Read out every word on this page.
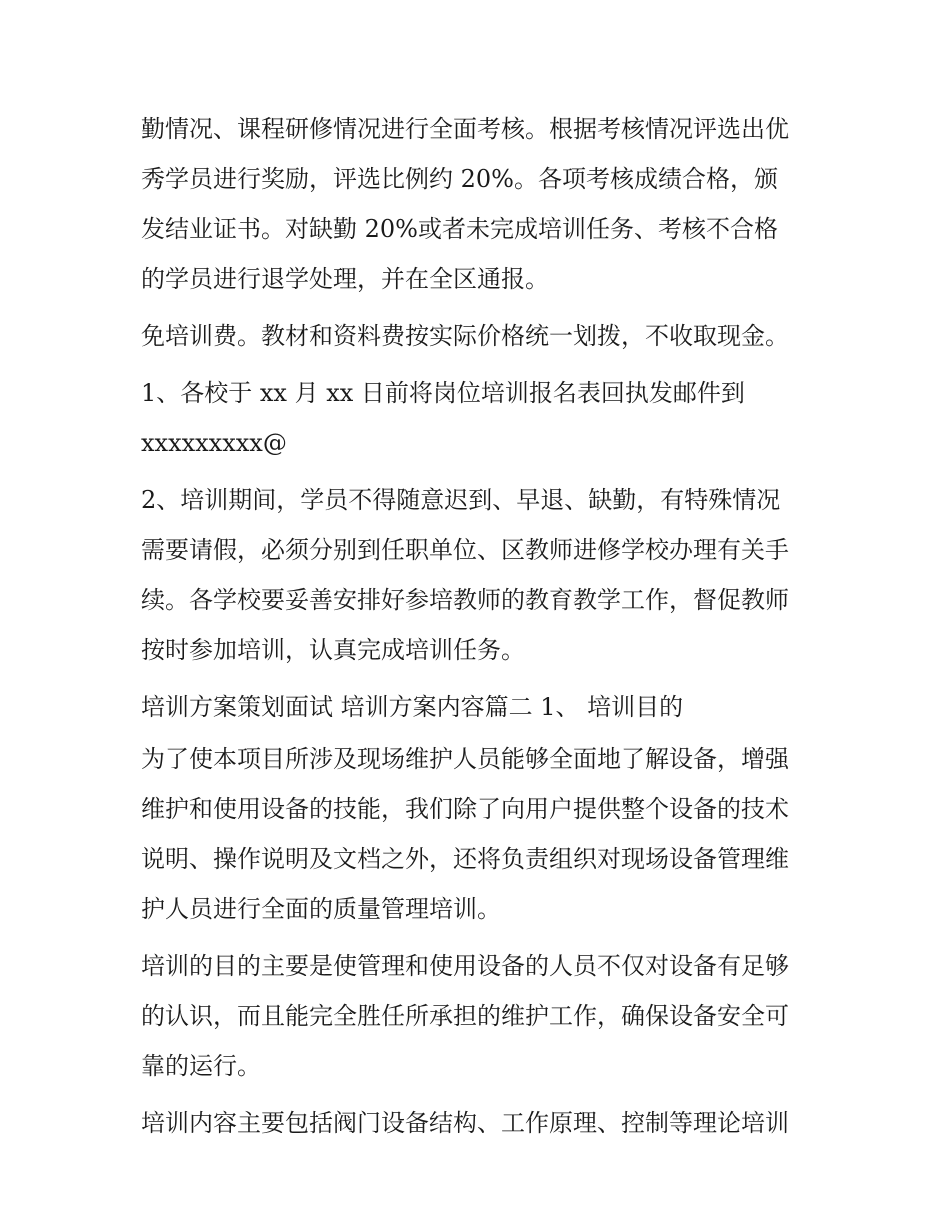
勤情况、课程研修情况进行全面考核。根据考核情况评选出优
秀学员进行奖励，评选比例约 20%。各项考核成绩合格，颁
发结业证书。对缺勤 20%或者未完成培训任务、考核不合格
的学员进行退学处理，并在全区通报。
免培训费。教材和资料费按实际价格统一划拨，不收取现金。
1、各校于 xx 月 xx 日前将岗位培训报名表回执发邮件到
xxxxxxxxx@
2、培训期间，学员不得随意迟到、早退、缺勤，有特殊情况
需要请假，必须分别到任职单位、区教师进修学校办理有关手
续。各学校要妥善安排好参培教师的教育教学工作，督促教师
按时参加培训，认真完成培训任务。
培训方案策划面试 培训方案内容篇二 1、 培训目的
为了使本项目所涉及现场维护人员能够全面地了解设备，增强
维护和使用设备的技能，我们除了向用户提供整个设备的技术
说明、操作说明及文档之外，还将负责组织对现场设备管理维
护人员进行全面的质量管理培训。
培训的目的主要是使管理和使用设备的人员不仅对设备有足够
的认识，而且能完全胜任所承担的维护工作，确保设备安全可
靠的运行。
培训内容主要包括阀门设备结构、工作原理、控制等理论培训
